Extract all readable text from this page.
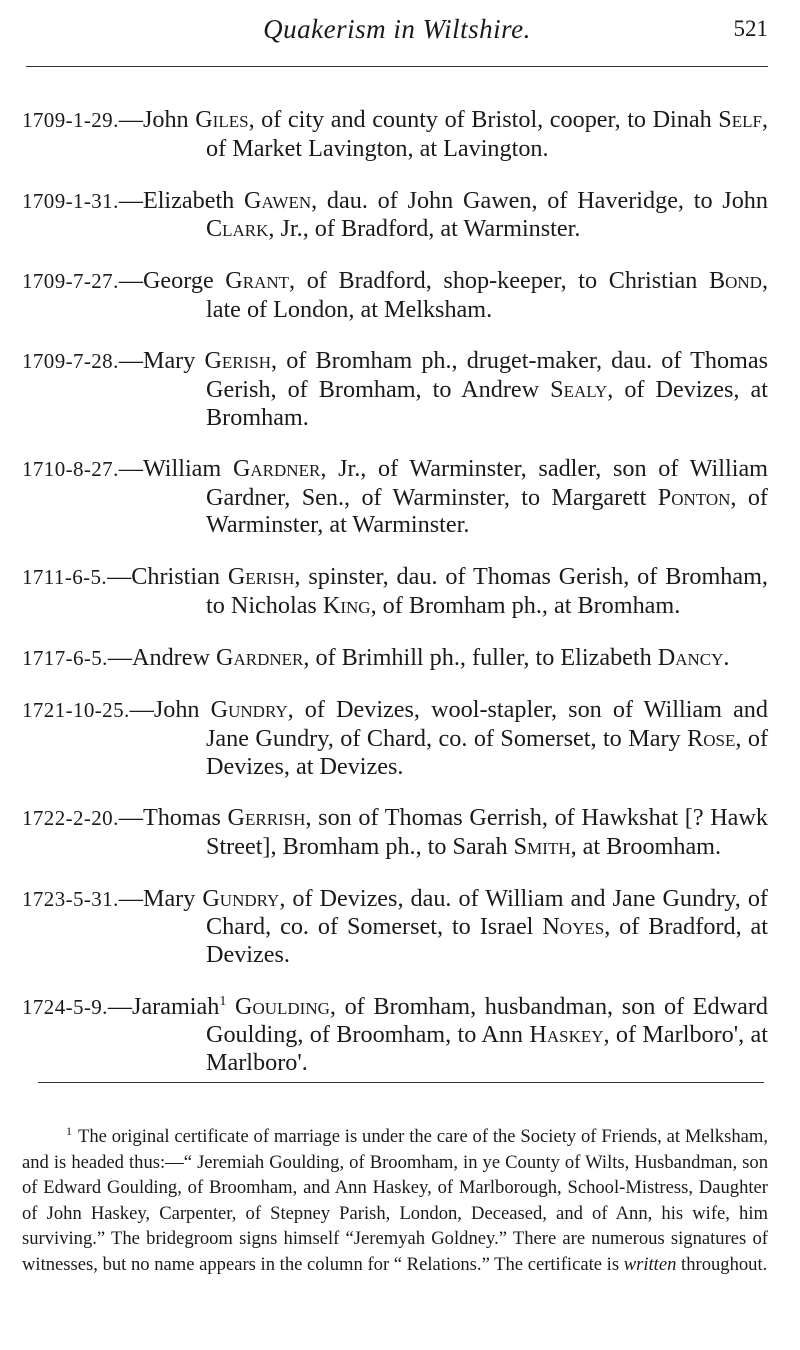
Quakerism in Wiltshire.	521

1709-1-29.—John Giles, of city and county of Bristol, cooper, to Dinah Self, of Market Lavington, at Lavington.

1709-1-31.—Elizabeth Gawen, dau. of John Gawen, of Haveridge, to John Clark, Jr., of Bradford, at Warminster.

1709-7-27.—George Grant, of Bradford, shop-keeper, to Christian Bond, late of London, at Melksham.

1709-7-28.—Mary Gerish, of Bromham ph., druget-maker, dau. of Thomas Gerish, of Bromham, to Andrew Sealy, of Devizes, at Bromham.

1710-8-27.—William Gardner, Jr., of Warminster, sadler, son of William Gardner, Sen., of Warminster, to Margarett Ponton, of Warminster, at Warminster.

1711-6-5.—Christian Gerish, spinster, dau. of Thomas Gerish, of Bromham, to Nicholas King, of Bromham ph., at Bromham.

1717-6-5.—Andrew Gardner, of Brimhill ph., fuller, to Elizabeth Dancy.

1721-10-25.—John Gundry, of Devizes, wool-stapler, son of William and Jane Gundry, of Chard, co. of Somerset, to Mary Rose, of Devizes, at Devizes.

1722-2-20.—Thomas Gerrish, son of Thomas Gerrish, of Hawkshat [? Hawk Street], Bromham ph., to Sarah Smith, at Broomham.

1723-5-31.—Mary Gundry, of Devizes, dau. of William and Jane Gundry, of Chard, co. of Somerset, to Israel Noyes, of Bradford, at Devizes.

1724-5-9.—Jaramiah$^1$ Goulding, of Bromham, husbandman, son of Edward Goulding, of Broomham, to Ann Haskey, of Marlboro', at Marlboro'.

$^1$ The original certificate of marriage is under the care of the Society of Friends, at Melksham, and is headed thus:—“ Jeremiah Goulding, of Broomham, in ye County of Wilts, Husbandman, son of Edward Goulding, of Broomham, and Ann Haskey, of Marlborough, School-Mistress, Daughter of John Haskey, Carpenter, of Stepney Parish, London, Deceased, and of Ann, his wife, him surviving.” The bridegroom signs himself “Jeremyah Goldney.” There are numerous signatures of witnesses, but no name appears in the column for “ Relations.” The certificate is written throughout.
